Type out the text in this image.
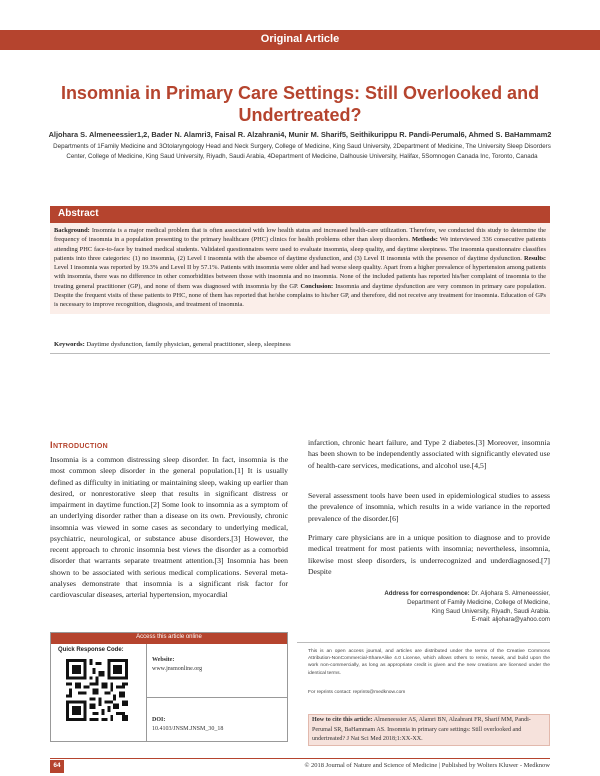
Original Article
Insomnia in Primary Care Settings: Still Overlooked and Undertreated?
Aljohara S. Almeneessier1,2, Bader N. Alamri3, Faisal R. Alzahrani4, Munir M. Sharif5, Seithikurippu R. Pandi-Perumal6, Ahmed S. BaHammam2
Departments of 1Family Medicine and 3Otolaryngology Head and Neck Surgery, College of Medicine, King Saud University, 2Department of Medicine, The University Sleep Disorders Center, College of Medicine, King Saud University, Riyadh, Saudi Arabia, 4Department of Medicine, Dalhousie University, Halifax, 5Somnogen Canada Inc, Toronto, Canada
Abstract
Background: Insomnia is a major medical problem that is often associated with low health status and increased health-care utilization. Therefore, we conducted this study to determine the frequency of insomnia in a population presenting to the primary healthcare (PHC) clinics for health problems other than sleep disorders. Methods: We interviewed 336 consecutive patients attending PHC face-to-face by trained medical students. Validated questionnaires were used to evaluate insomnia, sleep quality, and daytime sleepiness. The insomnia questionnaire classifies patients into three categories: (1) no insomnia, (2) Level I insomnia with the absence of daytime dysfunction, and (3) Level II insomnia with the presence of daytime dysfunction. Results: Level I insomnia was reported by 19.3% and Level II by 57.1%. Patients with insomnia were older and had worse sleep quality. Apart from a higher prevalence of hypertension among patients with insomnia, there was no difference in other comorbidities between those with insomnia and no insomnia. None of the included patients has reported his/her complaint of insomnia to the treating general practitioner (GP), and none of them was diagnosed with insomnia by the GP. Conclusion: Insomnia and daytime dysfunction are very common in primary care population. Despite the frequent visits of these patients to PHC, none of them has reported that he/she complains to his/her GP, and therefore, did not receive any treatment for insomnia. Education of GPs is necessary to improve recognition, diagnosis, and treatment of insomnia.
Keywords: Daytime dysfunction, family physician, general practitioner, sleep, sleepiness
Introduction
Insomnia is a common distressing sleep disorder. In fact, insomnia is the most common sleep disorder in the general population.[1] It is usually defined as difficulty in initiating or maintaining sleep, waking up earlier than desired, or nonrestorative sleep that results in significant distress or impairment in daytime function.[2] Some look to insomnia as a symptom of an underlying disorder rather than a disease on its own. Previously, chronic insomnia was viewed in some cases as secondary to underlying medical, psychiatric, neurological, or substance abuse disorders.[3] However, the recent approach to chronic insomnia best views the disorder as a comorbid disorder that warrants separate treatment attention.[3] Insomnia has been shown to be associated with serious medical complications. Several meta-analyses demonstrate that insomnia is a significant risk factor for cardiovascular diseases, arterial hypertension, myocardial
infarction, chronic heart failure, and Type 2 diabetes.[3] Moreover, insomnia has been shown to be independently associated with significantly elevated use of health-care services, medications, and alcohol use.[4,5]
Several assessment tools have been used in epidemiological studies to assess the prevalence of insomnia, which results in a wide variance in the reported prevalence of the disorder.[6]
Primary care physicians are in a unique position to diagnose and to provide medical treatment for most patients with insomnia; nevertheless, insomnia, likewise most sleep disorders, is underrecognized and underdiagnosed.[7] Despite
Address for correspondence: Dr. Aljohara S. Almeneessier,
Department of Family Medicine, College of Medicine,
King Saud University, Riyadh, Saudi Arabia.
E-mail: aljohara@yahoo.com
This is an open access journal, and articles are distributed under the terms of the Creative Commons Attribution-NonCommercial-ShareAlike 4.0 License, which allows others to remix, tweak, and build upon the work non-commercially, as long as appropriate credit is given and the new creations are licensed under the identical terms.
For reprints contact: reprints@medknow.com
How to cite this article: Almeneessier AS, Alamri BN, Alzahrani FR, Sharif MM, Pandi-Perumal SR, BaHammam AS. Insomnia in primary care settings: Still overlooked and undertreated? J Nat Sci Med 2018;1:XX-XX.
Access this article online
Quick Response Code:
Website:
www.jnsmonline.org
DOI:
10.4103/JNSM.JNSM_30_18
64	© 2018 Journal of Nature and Science of Medicine | Published by Wolters Kluwer - Medknow
